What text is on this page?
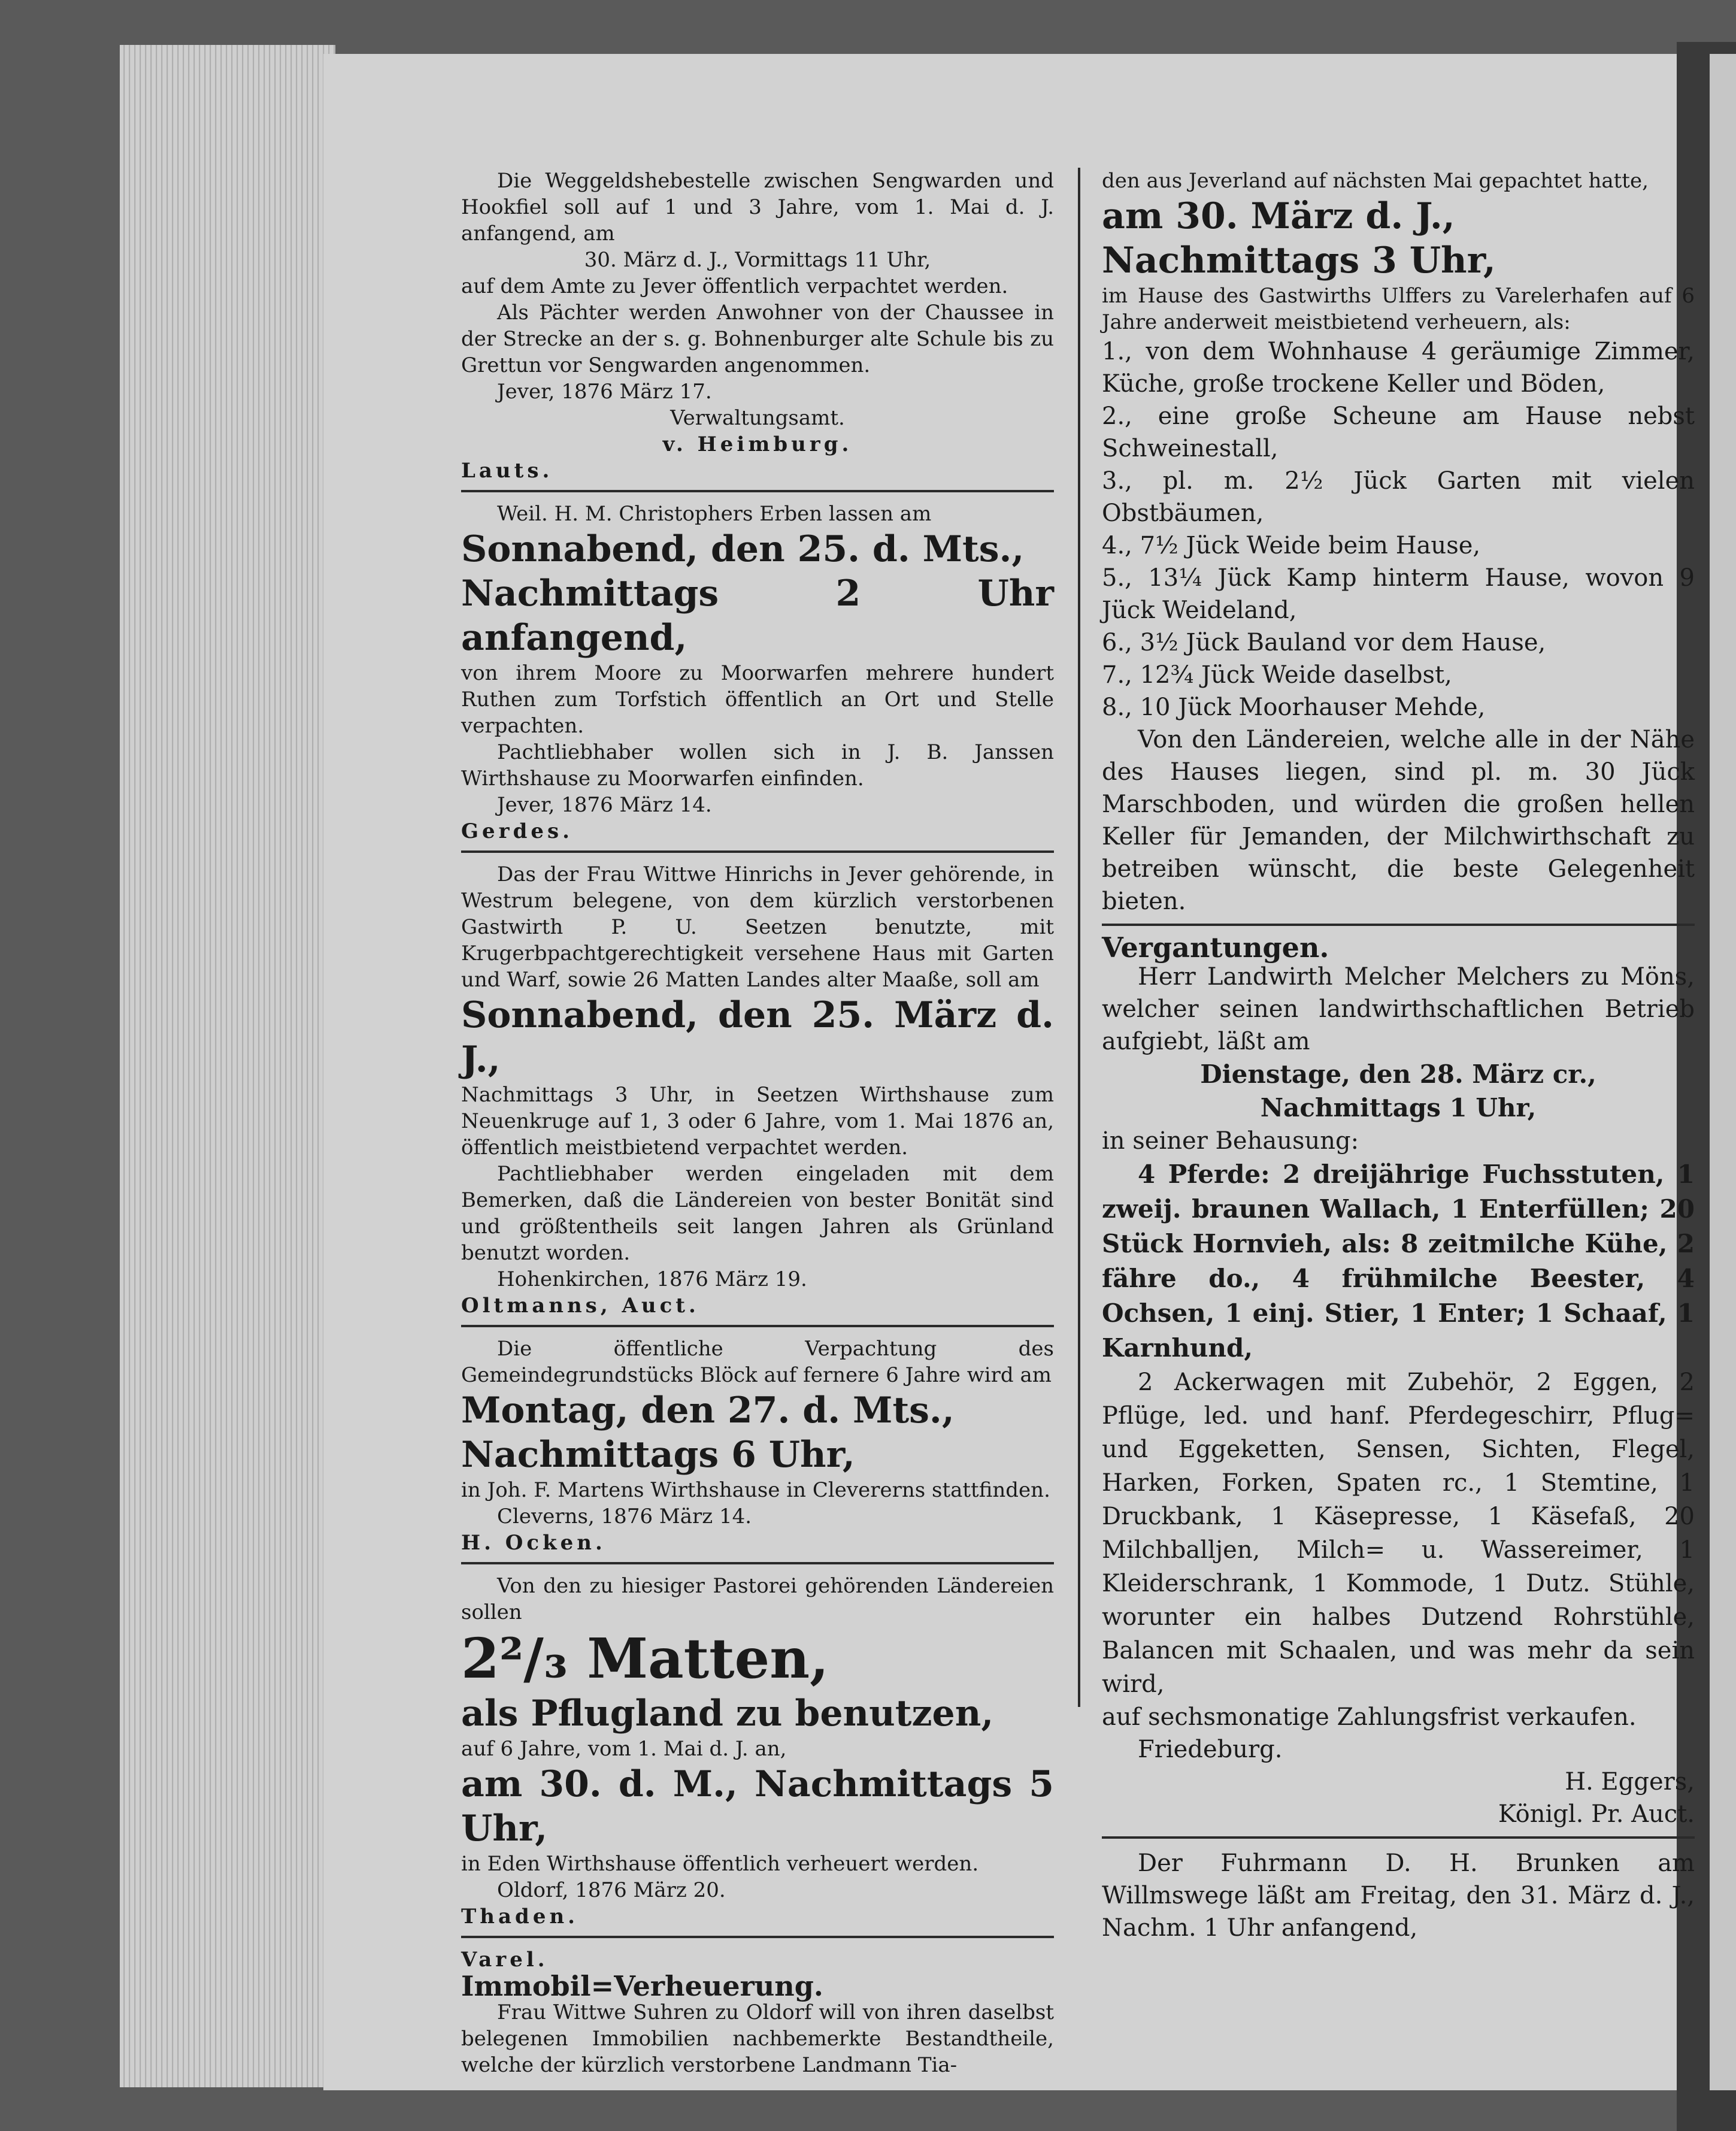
Die Weggeldshebestelle zwischen Sengwarden und Hookfiel soll auf 1 und 3 Jahre, vom 1. Mai d. J. anfangend, am

30. März d. J., Vormittags 11 Uhr,

auf dem Amte zu Jever öffentlich verpachtet werden.

Als Pächter werden Anwohner von der Chaussee in der Strecke an der s. g. Bohnenburger alte Schule bis zu Grettun vor Sengwarden angenommen.

Jever, 1876 März 17.

Verwaltungsamt.

v. Heimburg.

Lauts.

Weil. H. M. Christophers Erben lassen am

Sonnabend, den 25. d. Mts.,

Nachmittags 2 Uhr anfangend,

von ihrem Moore zu Moorwarfen mehrere hundert Ruthen zum Torfstich öffentlich an Ort und Stelle verpachten.

Pachtliebhaber wollen sich in J. B. Janssen Wirthshause zu Moorwarfen einfinden.

Jever, 1876 März 14.

Gerdes.

Das der Frau Wittwe Hinrichs in Jever gehörende, in Westrum belegene, von dem kürzlich verstorbenen Gastwirth P. U. Seetzen benutzte, mit Krugerbpachtgerechtigkeit versehene Haus mit Garten und Warf, sowie 26 Matten Landes alter Maaße, soll am

Sonnabend, den 25. März d. J.,

Nachmittags 3 Uhr, in Seetzen Wirthshause zum Neuenkruge auf 1, 3 oder 6 Jahre, vom 1. Mai 1876 an, öffentlich meistbietend verpachtet werden.

Pachtliebhaber werden eingeladen mit dem Bemerken, daß die Ländereien von bester Bonität sind und größtentheils seit langen Jahren als Grünland benutzt worden.

Hohenkirchen, 1876 März 19.

Oltmanns, Auct.

Die öffentliche Verpachtung des Gemeindegrundstücks Blöck auf fernere 6 Jahre wird am

Montag, den 27. d. Mts.,

Nachmittags 6 Uhr,

in Joh. F. Martens Wirthshause in Clevererns stattfinden.

Cleverns, 1876 März 14.

H. Ocken.

Von den zu hiesiger Pastorei gehörenden Ländereien sollen

2²/₃ Matten,

als Pflugland zu benutzen,

auf 6 Jahre, vom 1. Mai d. J. an,

am 30. d. M., Nachmittags 5 Uhr,

in Eden Wirthshause öffentlich verheuert werden.

Oldorf, 1876 März 20.

Thaden.

Varel.

Immobil=Verheuerung.

Frau Wittwe Suhren zu Oldorf will von ihren daselbst belegenen Immobilien nachbemerkte Bestandtheile, welche der kürzlich verstorbene Landmann Tia-

den aus Jeverland auf nächsten Mai gepachtet hatte,

am 30. März d. J.,

Nachmittags 3 Uhr,

im Hause des Gastwirths Ulffers zu Varelerhafen auf 6 Jahre anderweit meistbietend verheuern, als:

1., von dem Wohnhause 4 geräumige Zimmer, Küche, große trockene Keller und Böden,

2., eine große Scheune am Hause nebst Schweinestall,

3., pl. m. 2½ Jück Garten mit vielen Obstbäumen,

4., 7½ Jück Weide beim Hause,

5., 13¼ Jück Kamp hinterm Hause, wovon 9 Jück Weideland,

6., 3½ Jück Bauland vor dem Hause,

7., 12¾ Jück Weide daselbst,

8., 10 Jück Moorhauser Mehde,

Von den Ländereien, welche alle in der Nähe des Hauses liegen, sind pl. m. 30 Jück Marschboden, und würden die großen hellen Keller für Jemanden, der Milchwirthschaft zu betreiben wünscht, die beste Gelegenheit bieten.

Vergantungen.

Herr Landwirth Melcher Melchers zu Möns, welcher seinen landwirthschaftlichen Betrieb aufgiebt, läßt am

Dienstage, den 28. März cr.,

Nachmittags 1 Uhr,

in seiner Behausung:

4 Pferde: 2 dreijährige Fuchsstuten, 1 zweij. braunen Wallach, 1 Enterfüllen; 20 Stück Hornvieh, als: 8 zeitmilche Kühe, 2 fähre do., 4 frühmilche Beester, 4 Ochsen, 1 einj. Stier, 1 Enter; 1 Schaaf, 1 Karnhund,

2 Ackerwagen mit Zubehör, 2 Eggen, 2 Pflüge, led. und hanf. Pferdegeschirr, Pflug= und Eggeketten, Sensen, Sichten, Flegel, Harken, Forken, Spaten rc., 1 Stemtine, 1 Druckbank, 1 Käsepresse, 1 Käsefaß, 20 Milchballjen, Milch= u. Wassereimer, 1 Kleiderschrank, 1 Kommode, 1 Dutz. Stühle, worunter ein halbes Dutzend Rohrstühle, Balancen mit Schaalen, und was mehr da sein wird,

auf sechsmonatige Zahlungsfrist verkaufen.

Friedeburg.

H. Eggers,

Königl. Pr. Auct.

Der Fuhrmann D. H. Brunken am Willmswege läßt am Freitag, den 31. März d. J., Nachm. 1 Uhr anfangend,
